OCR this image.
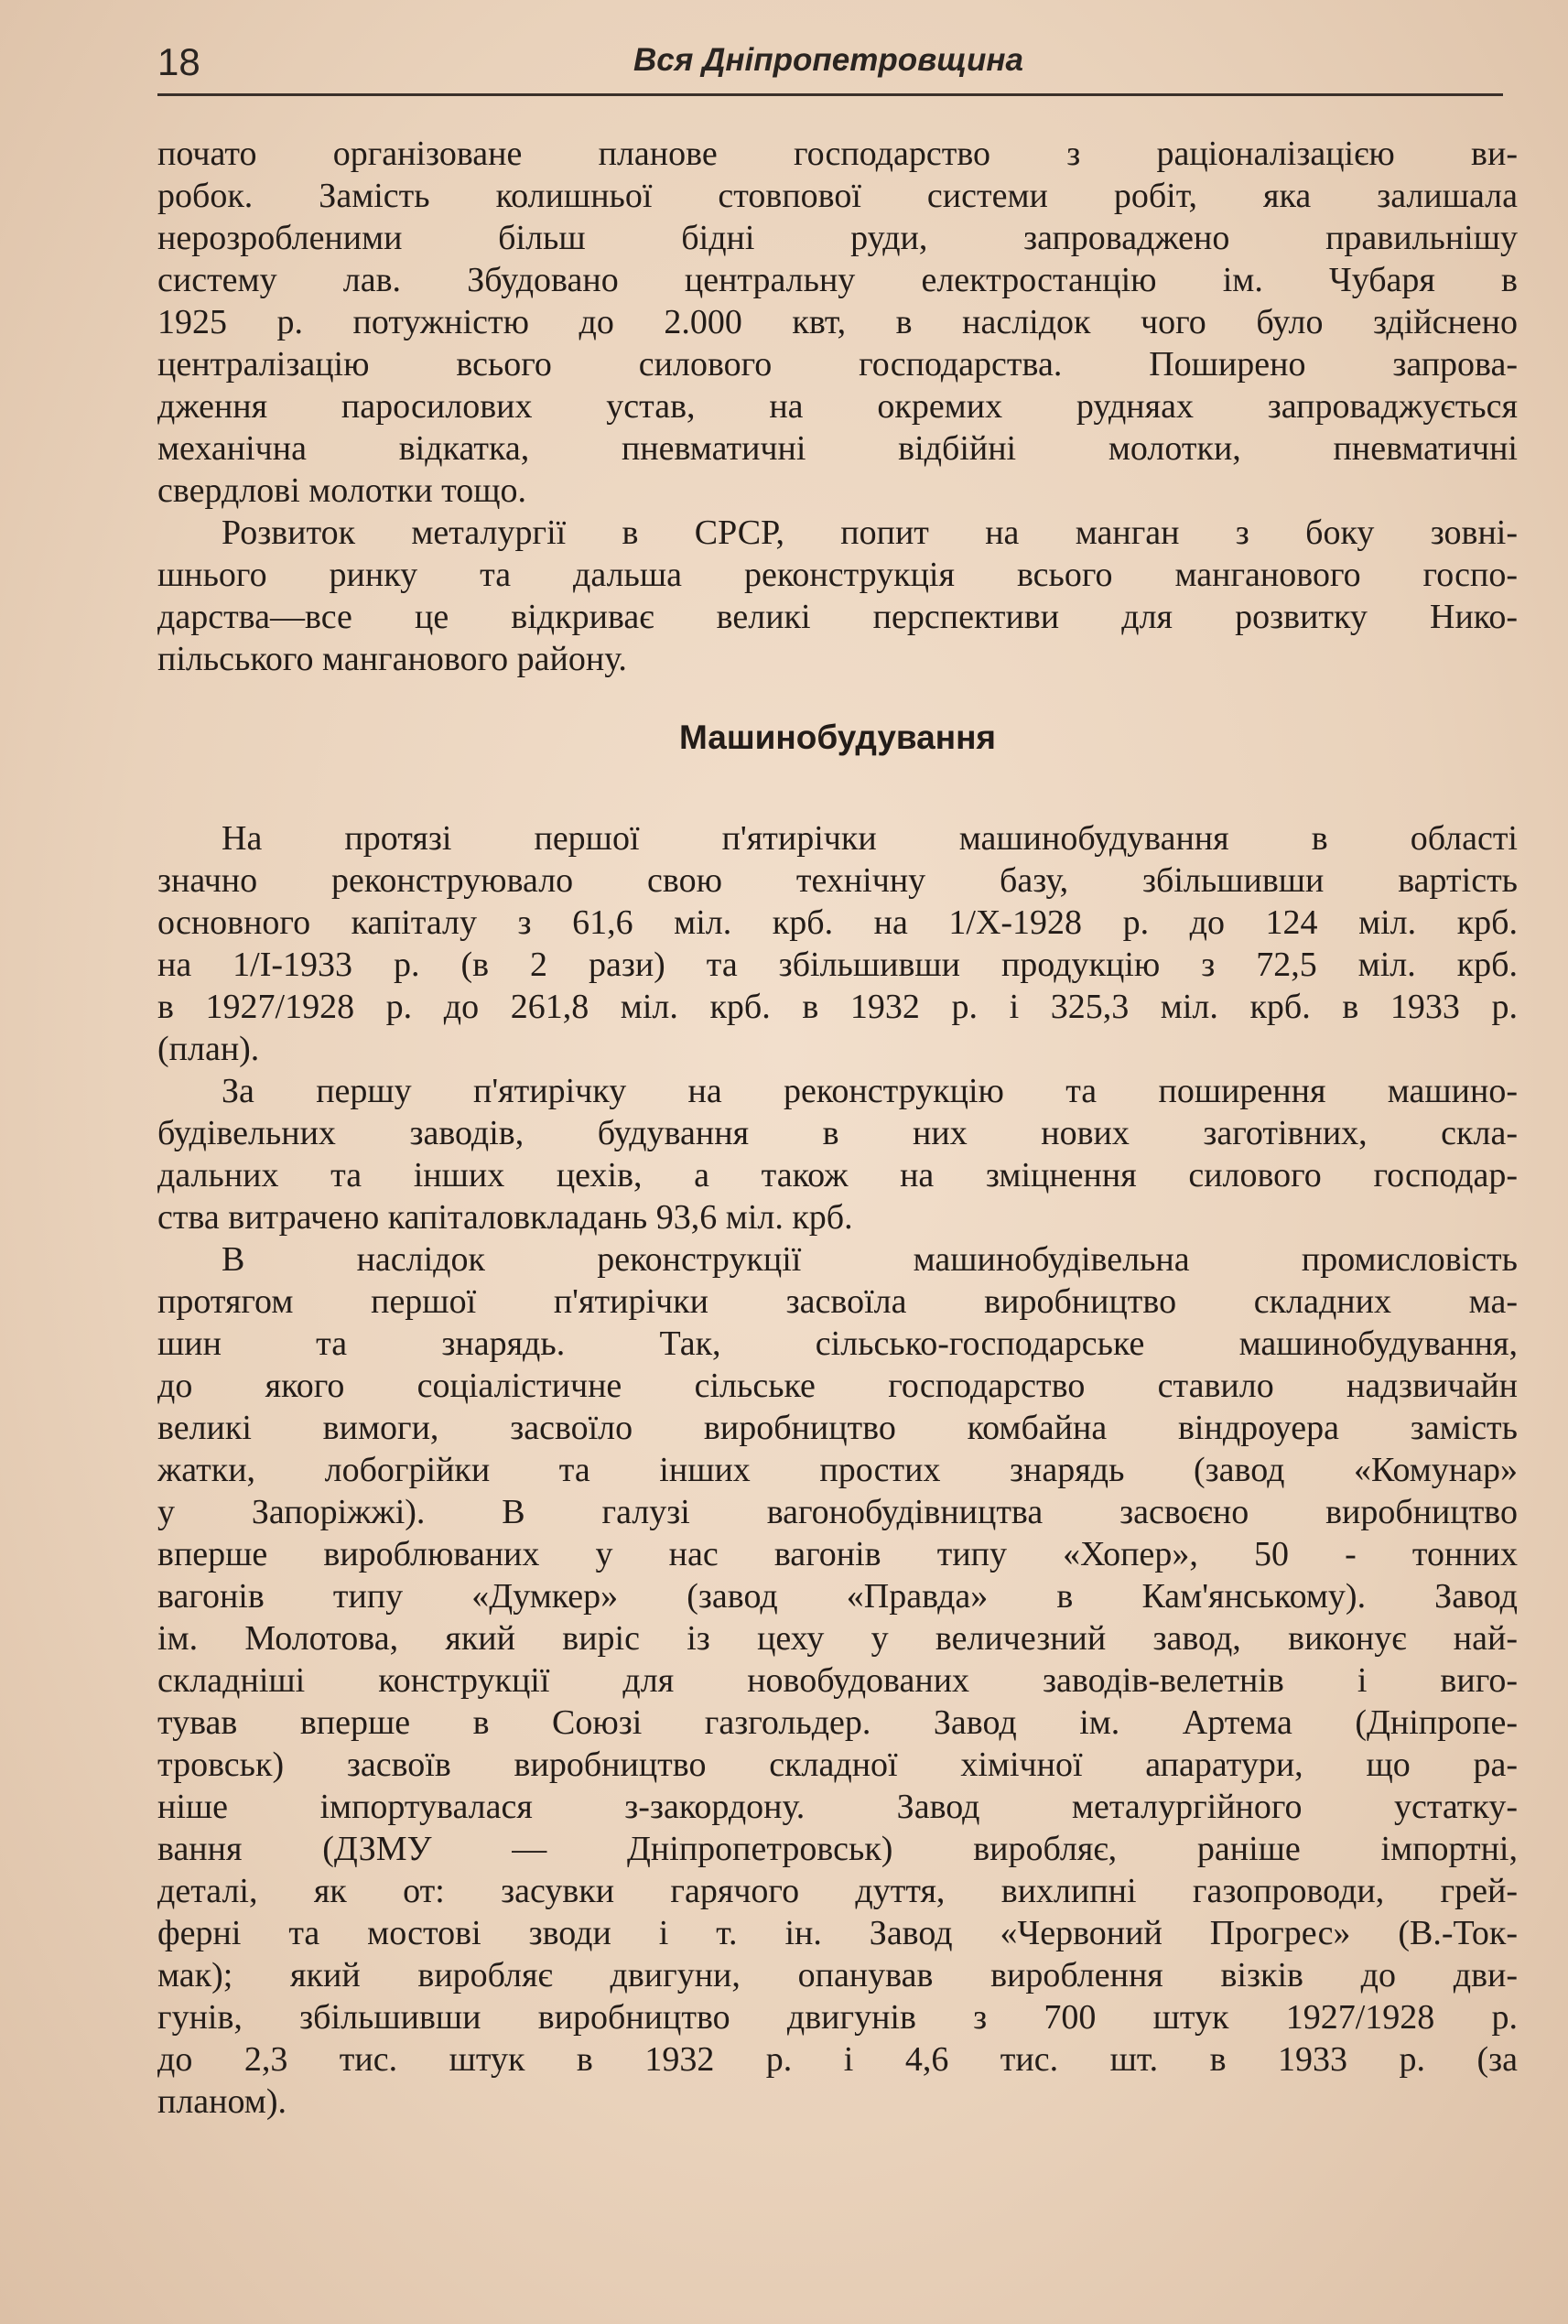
18	Вся Дніпропетровщина

почато організоване планове господарство з раціоналізацією ви-
робок. Замість колишньої стовпової системи робіт, яка залишала
нерозробленими більш бідні руди, запроваджено правильнішу
систему лав. Збудовано центральну електростанцію ім. Чубаря в
1925 р. потужністю до 2.000 квт, в наслідок чого було здійснено
централізацію всього силового господарства. Поширено запрова-
дження паросилових устав, на окремих рудняах запроваджується
механічна відкатка, пневматичні відбійні молотки, пневматичні
свердлові молотки тощо.

Розвиток металургії в СРСР, попит на манган з боку зовні-
шнього ринку та дальша реконструкція всього манганового госпо-
дарства—все це відкриває великі перспективи для розвитку Нико-
пільського манганового району.

Машинобудування

На протязі першої п'ятирічки машинобудування в області
значно реконструювало свою технічну базу, збільшивши вартість
основного капіталу з 61,6 міл. крб. на 1/Х-1928 р. до 124 міл. крб.
на 1/I-1933 р. (в 2 рази) та збільшивши продукцію з 72,5 міл. крб.
в 1927/1928 р. до 261,8 міл. крб. в 1932 р. і 325,3 міл. крб. в 1933 р.
(план).

За першу п'ятирічку на реконструкцію та поширення машино-
будівельних заводів, будування в них нових заготівних, скла-
дальних та інших цехів, а також на зміцнення силового господар-
ства витрачено капіталовкладань 93,6 міл. крб.

В наслідок реконструкції машинобудівельна промисловість
протягом першої п'ятирічки засвоїла виробництво складних ма-
шин та знарядь. Так, сільсько-господарське машинобудування,
до якого соціалістичне сільське господарство ставило надзвичайн
великі вимоги, засвоїло виробництво комбайна віндроуера замість
жатки, лобогрійки та інших простих знарядь (завод «Комунар»
у Запоріжжі). В галузі вагонобудівництва засвоєно виробництво
вперше вироблюваних у нас вагонів типу «Хопер», 50 - тонних
вагонів типу «Думкер» (завод «Правда» в Кам'янському). Завод
ім. Молотова, який виріс із цеху у величезний завод, виконує най-
складніші конструкції для новобудованих заводів-велетнів і виго-
тував вперше в Союзі газгольдер. Завод ім. Артема (Дніпропе-
тровськ) засвоїв виробництво складної хімічної апаратури, що ра-
ніше імпортувалася з-закордону. Завод металургійного устатку-
вання (ДЗМУ — Дніпропетровськ) виробляє, раніше імпортні,
деталі, як от: засувки гарячого дуття, вихлипні газопроводи, грей-
ферні та мостові зводи і т. ін. Завод «Червоний Прогрес» (В.-Ток-
мак); який виробляє двигуни, опанував вироблення візків до дви-
гунів, збільшивши виробництво двигунів з 700 штук 1927/1928 р.
до 2,3 тис. штук в 1932 р. і 4,6 тис. шт. в 1933 р. (за
планом).
